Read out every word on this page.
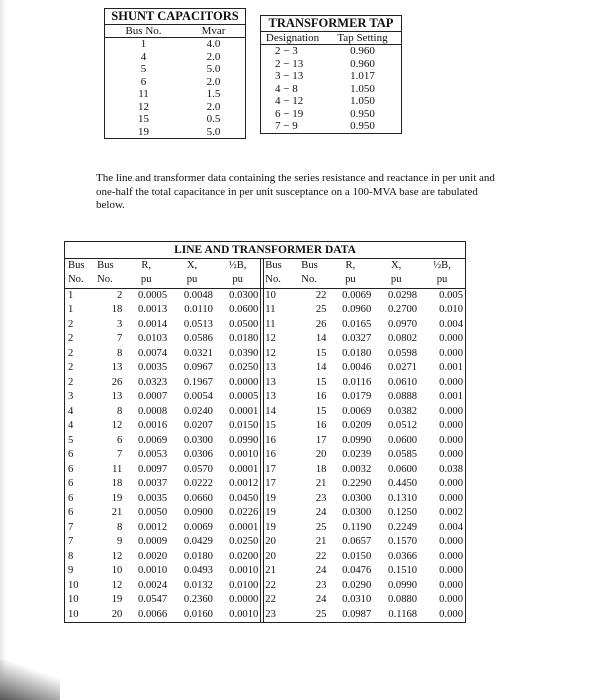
SHUNT CAPACITORS
Bus No.	Mvar
1	4.0
4	2.0
5	5.0
6	2.0
11	1.5
12	2.0
15	0.5
19	5.0
TRANSFORMER TAP
Designation	Tap Setting
2 − 3	0.960
2 − 13	0.960
3 − 13	1.017
4 − 8	1.050
4 − 12	1.050
6 − 19	0.950
7 − 9	0.950

The line and transformer data containing the series resistance and reactance in per unit and one-half the total capacitance in per unit susceptance on a 100-MVA base are tabulated below.

LINE AND TRANSFORMER DATA
Bus	Bus	R,	X,	½B,	Bus	Bus	R,	X,	½B,
No.	No.	pu	pu	pu	No.	No.	pu	pu	pu
1	2	0.0005	0.0048	0.0300	10	22	0.0069	0.0298	0.005
1	18	0.0013	0.0110	0.0600	11	25	0.0960	0.2700	0.010
2	3	0.0014	0.0513	0.0500	11	26	0.0165	0.0970	0.004
2	7	0.0103	0.0586	0.0180	12	14	0.0327	0.0802	0.000
2	8	0.0074	0.0321	0.0390	12	15	0.0180	0.0598	0.000
2	13	0.0035	0.0967	0.0250	13	14	0.0046	0.0271	0.001
2	26	0.0323	0.1967	0.0000	13	15	0.0116	0.0610	0.000
3	13	0.0007	0.0054	0.0005	13	16	0.0179	0.0888	0.001
4	8	0.0008	0.0240	0.0001	14	15	0.0069	0.0382	0.000
4	12	0.0016	0.0207	0.0150	15	16	0.0209	0.0512	0.000
5	6	0.0069	0.0300	0.0990	16	17	0.0990	0.0600	0.000
6	7	0.0053	0.0306	0.0010	16	20	0.0239	0.0585	0.000
6	11	0.0097	0.0570	0.0001	17	18	0.0032	0.0600	0.038
6	18	0.0037	0.0222	0.0012	17	21	0.2290	0.4450	0.000
6	19	0.0035	0.0660	0.0450	19	23	0.0300	0.1310	0.000
6	21	0.0050	0.0900	0.0226	19	24	0.0300	0.1250	0.002
7	8	0.0012	0.0069	0.0001	19	25	0.1190	0.2249	0.004
7	9	0.0009	0.0429	0.0250	20	21	0.0657	0.1570	0.000
8	12	0.0020	0.0180	0.0200	20	22	0.0150	0.0366	0.000
9	10	0.0010	0.0493	0.0010	21	24	0.0476	0.1510	0.000
10	12	0.0024	0.0132	0.0100	22	23	0.0290	0.0990	0.000
10	19	0.0547	0.2360	0.0000	22	24	0.0310	0.0880	0.000
10	20	0.0066	0.0160	0.0010	23	25	0.0987	0.1168	0.000
